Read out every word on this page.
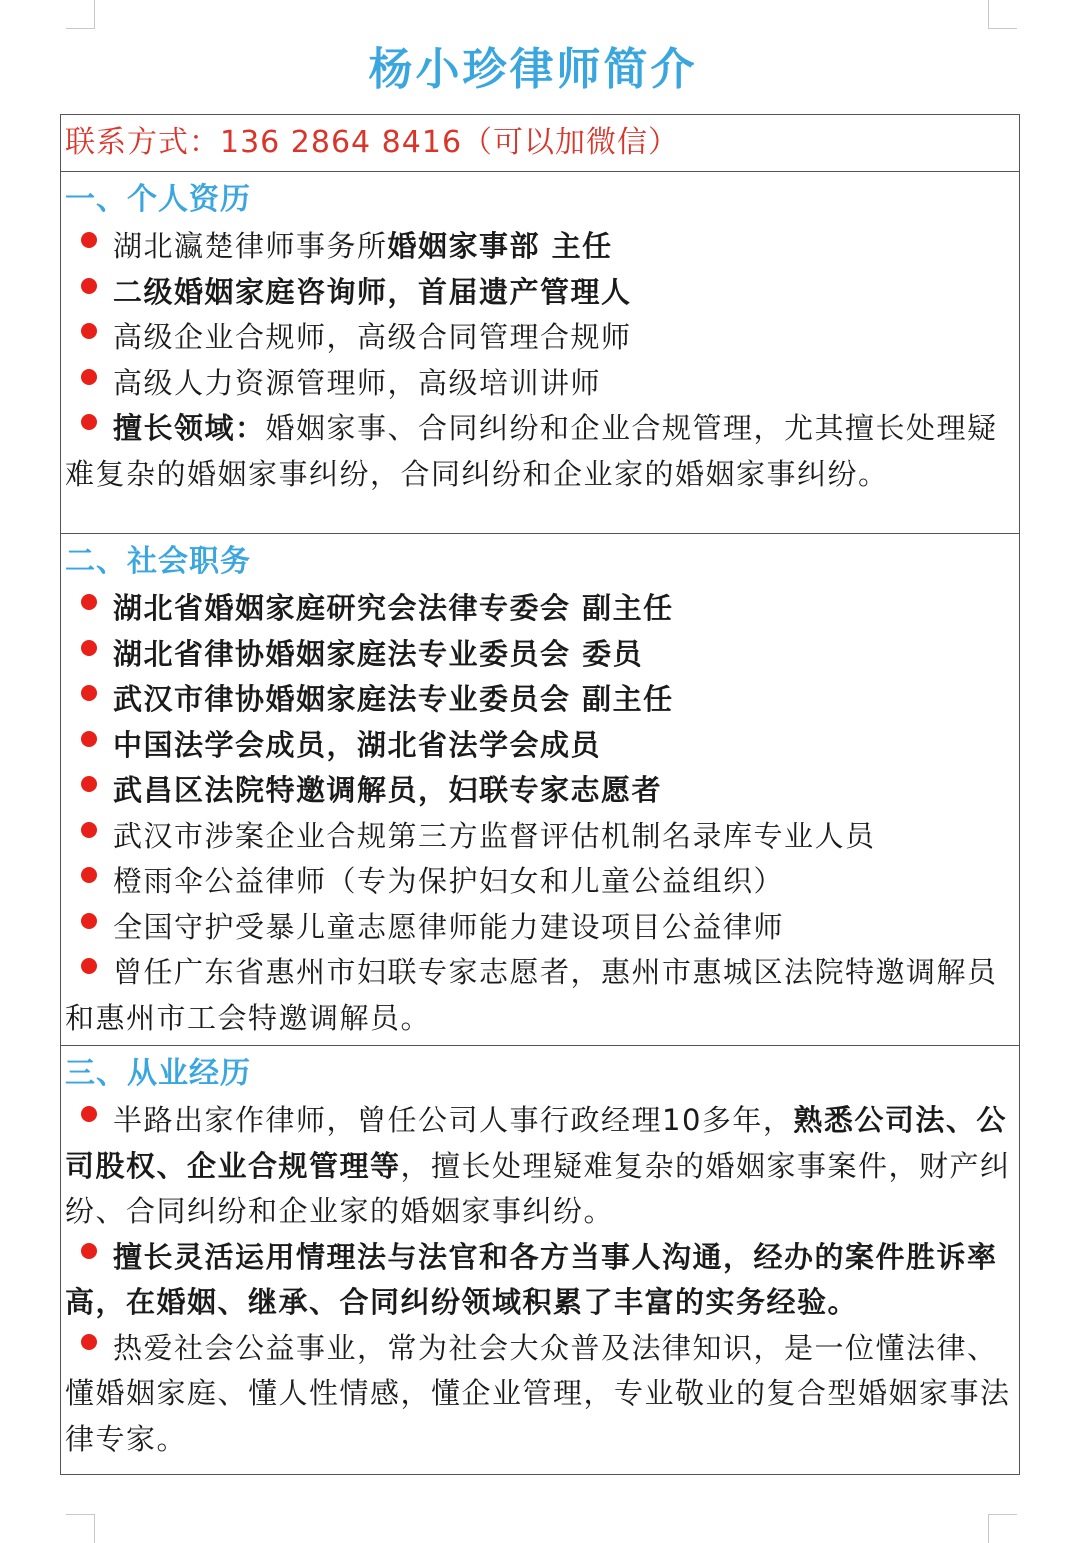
杨小珍律师简介
联系方式：136 2864 8416（可以加微信）
一、个人资历
湖北瀛楚律师事务所婚姻家事部 主任
二级婚姻家庭咨询师，首届遗产管理人
高级企业合规师，高级合同管理合规师
高级人力资源管理师，高级培训讲师
擅长领域：婚姻家事、合同纠纷和企业合规管理，尤其擅长处理疑难复杂的婚姻家事纠纷，合同纠纷和企业家的婚姻家事纠纷。
二、社会职务
湖北省婚姻家庭研究会法律专委会 副主任
湖北省律协婚姻家庭法专业委员会 委员
武汉市律协婚姻家庭法专业委员会 副主任
中国法学会成员，湖北省法学会成员
武昌区法院特邀调解员，妇联专家志愿者
武汉市涉案企业合规第三方监督评估机制名录库专业人员
橙雨伞公益律师（专为保护妇女和儿童公益组织）
全国守护受暴儿童志愿律师能力建设项目公益律师
曾任广东省惠州市妇联专家志愿者，惠州市惠城区法院特邀调解员和惠州市工会特邀调解员。
三、从业经历
半路出家作律师，曾任公司人事行政经理10多年，熟悉公司法、公司股权、企业合规管理等，擅长处理疑难复杂的婚姻家事案件，财产纠纷、合同纠纷和企业家的婚姻家事纠纷。
擅长灵活运用情理法与法官和各方当事人沟通，经办的案件胜诉率高，在婚姻、继承、合同纠纷领域积累了丰富的实务经验。
热爱社会公益事业，常为社会大众普及法律知识，是一位懂法律、懂婚姻家庭、懂人性情感，懂企业管理，专业敬业的复合型婚姻家事法律专家。
